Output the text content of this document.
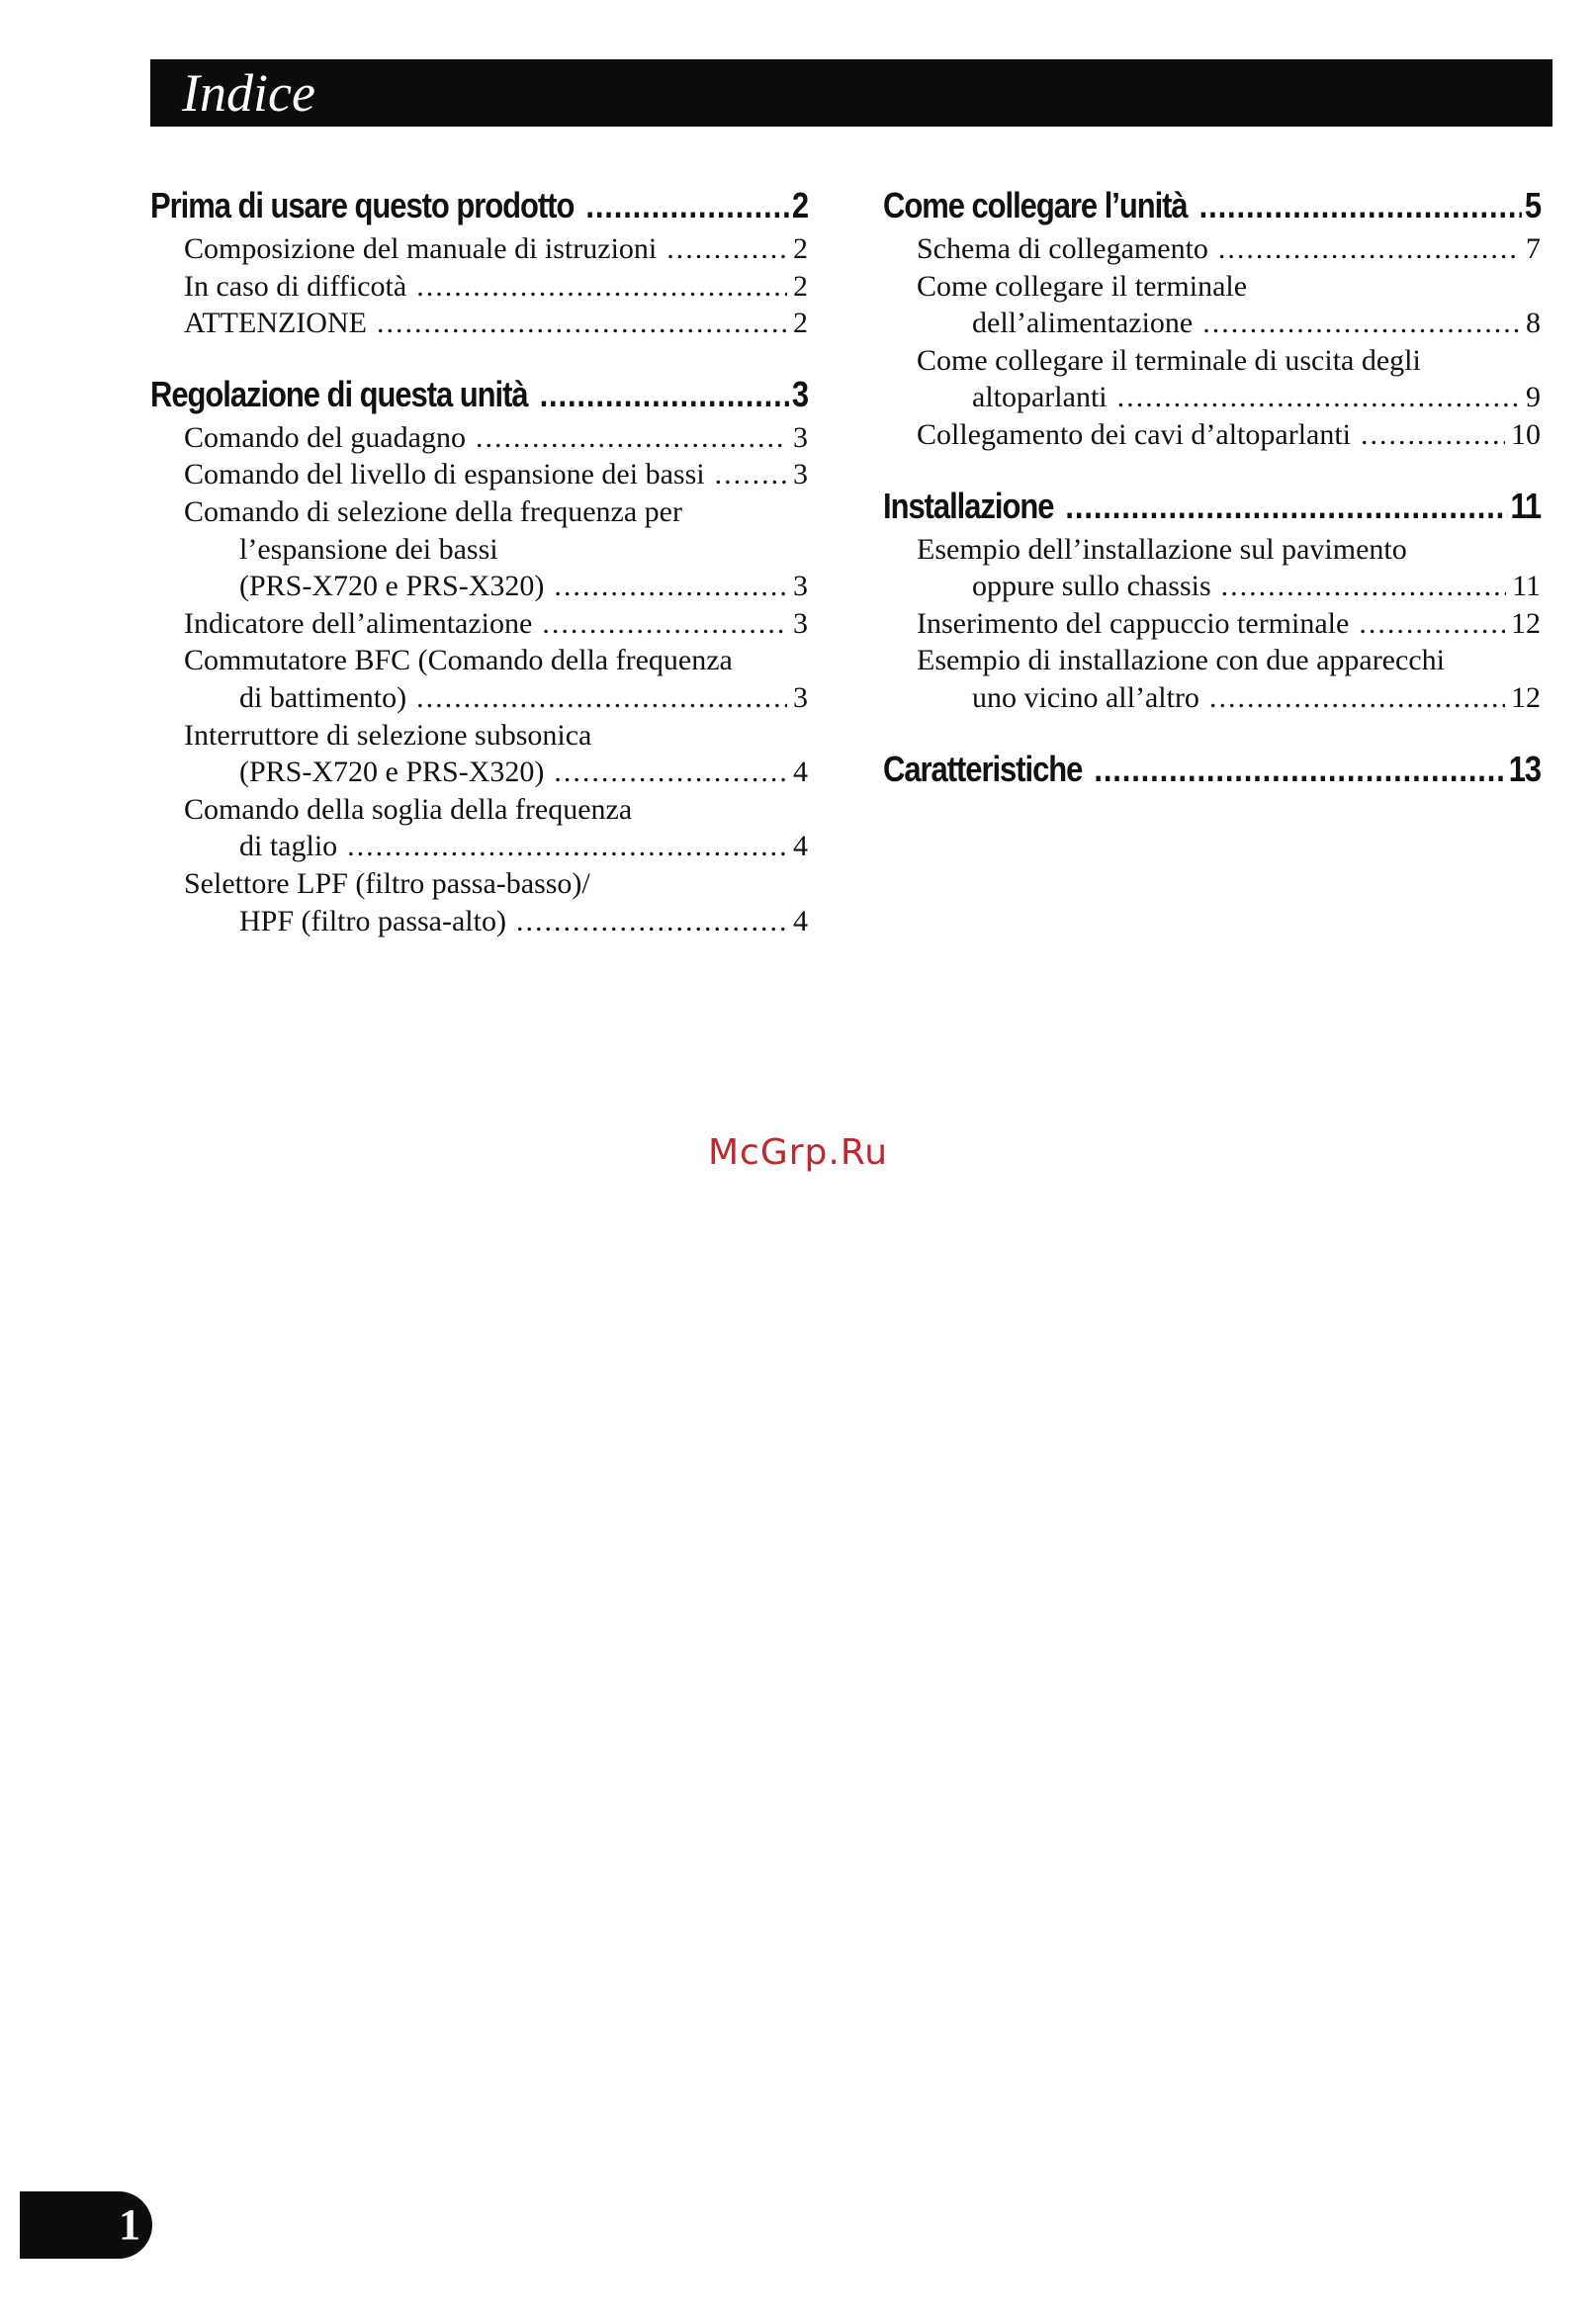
Indice
Prima di usare questo prodotto .....	2
Composizione del manuale di istruzioni .....	2
In caso di difficotà .....	2
ATTENZIONE .....	2
Regolazione di questa unità .....	3
Comando del guadagno .....	3
Comando del livello di espansione dei bassi .....	3
Comando di selezione della frequenza per
l’espansione dei bassi
(PRS-X720 e PRS-X320) .....	3
Indicatore dell’alimentazione .....	3
Commutatore BFC (Comando della frequenza
di battimento) .....	3
Interruttore di selezione subsonica
(PRS-X720 e PRS-X320) .....	4
Comando della soglia della frequenza
di taglio .....	4
Selettore LPF (filtro passa-basso)/
HPF (filtro passa-alto) .....	4
Come collegare l’unità .....	5
Schema di collegamento .....	7
Come collegare il terminale
dell’alimentazione .....	8
Come collegare il terminale di uscita degli
altoparlanti .....	9
Collegamento dei cavi d’altoparlanti .....	10
Installazione .....	11
Esempio dell’installazione sul pavimento
oppure sullo chassis .....	11
Inserimento del cappuccio terminale .....	12
Esempio di installazione con due apparecchi
uno vicino all’altro .....	12
Caratteristiche .....	13
McGrp.Ru
1
